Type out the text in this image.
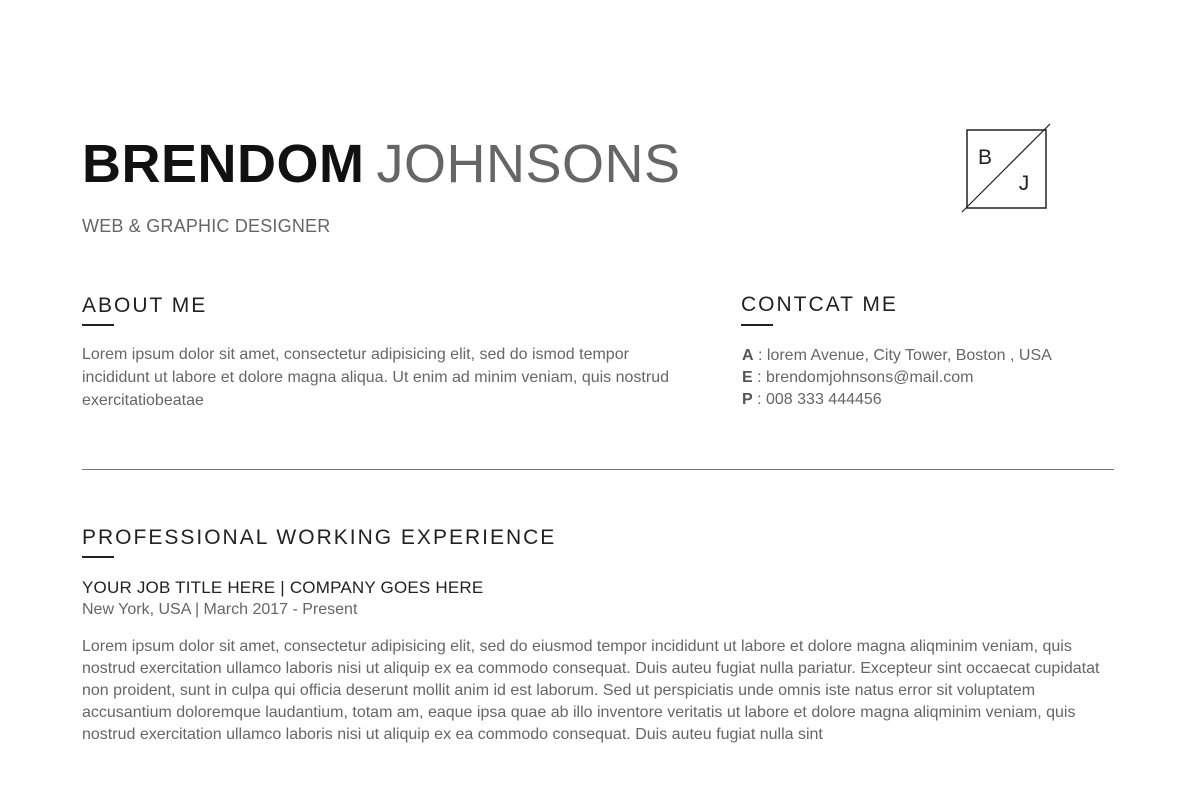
BRENDOM JOHNSONS
WEB & GRAPHIC DESIGNER
B
J
ABOUT ME

Lorem ipsum dolor sit amet, consectetur adipisicing elit, sed do ismod tempor incididunt ut labore et dolore magna aliqua. Ut enim ad minim veniam, quis nostrud exercitatiobeatae

CONTCAT ME
A : lorem Avenue, City Tower, Boston , USA
E : brendomjohnsons@mail.com
P : 008 333 444456
PROFESSIONAL WORKING EXPERIENCE
YOUR JOB TITLE HERE | COMPANY GOES HERE
New York, USA | March 2017 - Present

Lorem ipsum dolor sit amet, consectetur adipisicing elit, sed do eiusmod tempor incididunt ut labore et dolore magna aliqminim veniam, quis nostrud exercitation ullamco laboris nisi ut aliquip ex ea commodo consequat. Duis auteu fugiat nulla pariatur. Excepteur sint occaecat cupidatat non proident, sunt in culpa qui officia deserunt mollit anim id est laborum. Sed ut perspiciatis unde omnis iste natus error sit voluptatem accusantium doloremque laudantium, totam am, eaque ipsa quae ab illo inventore veritatis ut labore et dolore magna aliqminim veniam, quis nostrud exercitation ullamco laboris nisi ut aliquip ex ea commodo consequat. Duis auteu fugiat nulla sint
